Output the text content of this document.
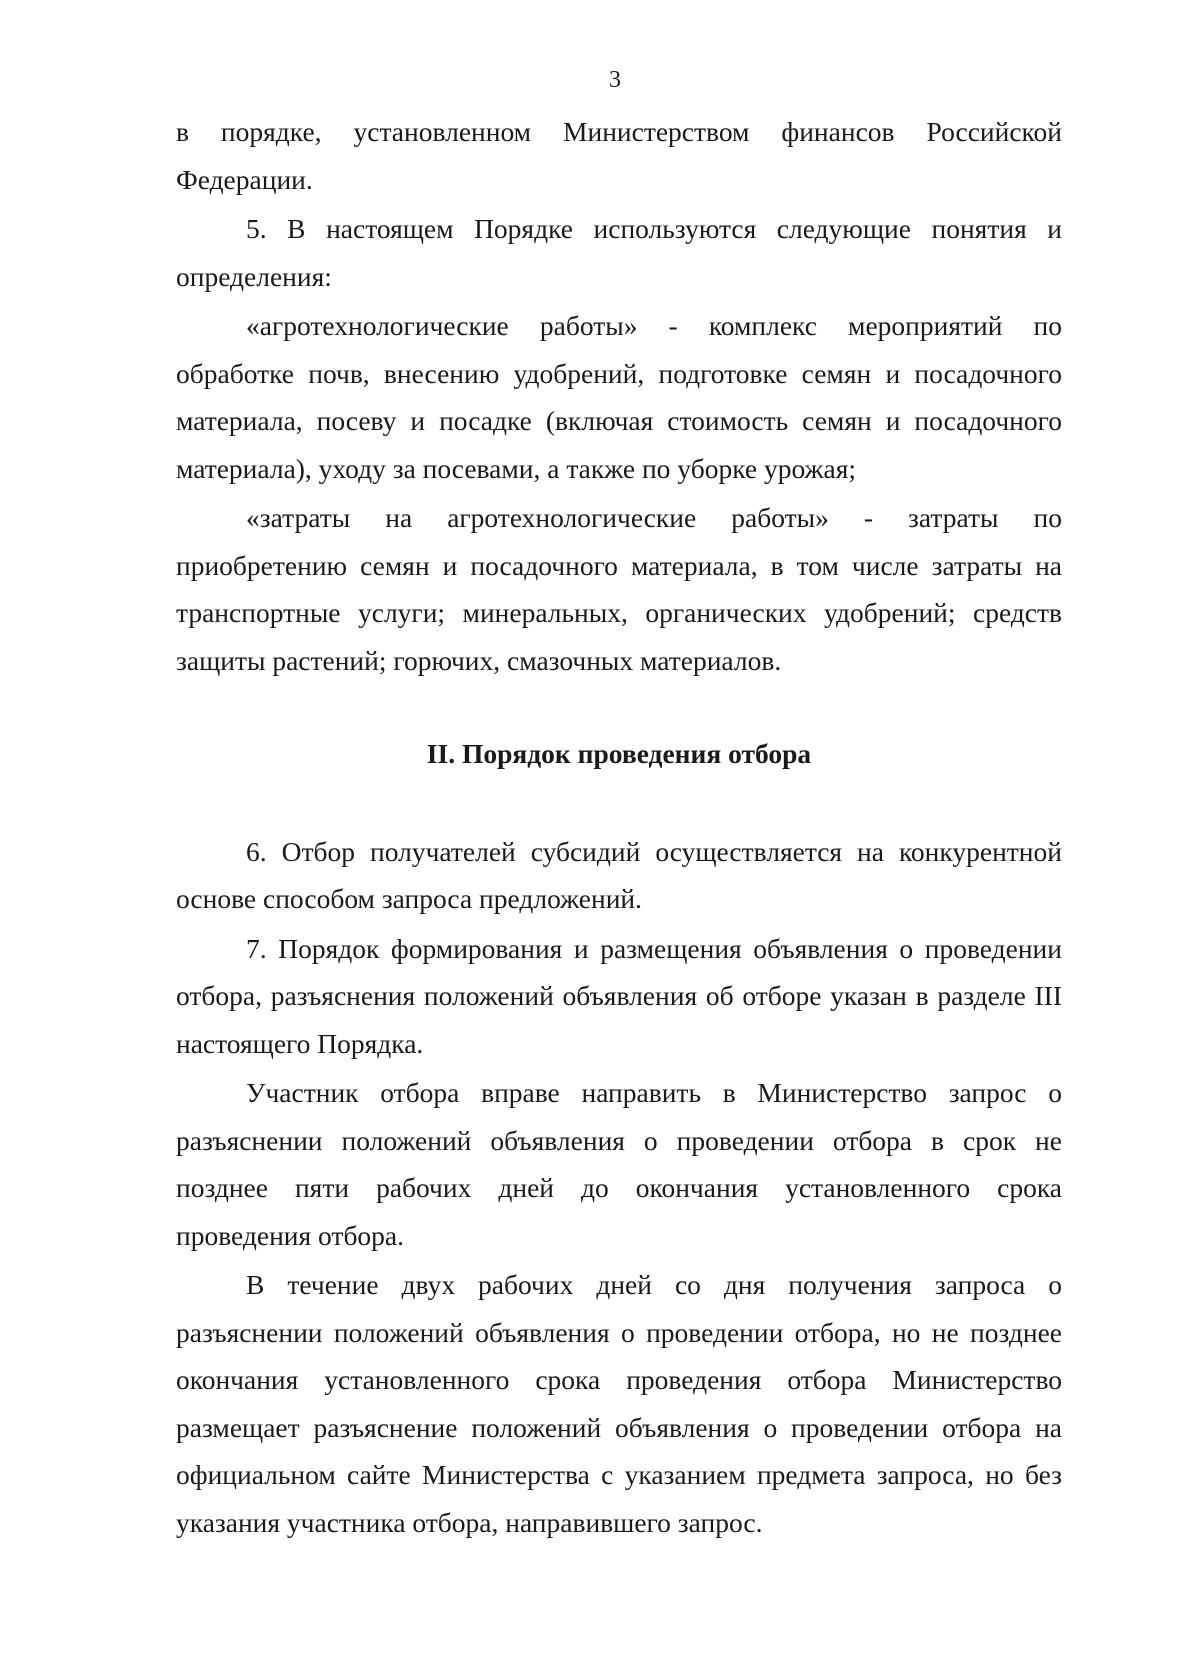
3

в порядке, установленном Министерством финансов Российской Федерации.

5. В настоящем Порядке используются следующие понятия и определения:

«агротехнологические работы» - комплекс мероприятий по обработке почв, внесению удобрений, подготовке семян и посадочного материала, посеву и посадке (включая стоимость семян и посадочного материала), уходу за посевами, а также по уборке урожая;

«затраты на агротехнологические работы» - затраты по приобретению семян и посадочного материала, в том числе затраты на транспортные услуги; минеральных, органических удобрений; средств защиты растений; горючих, смазочных материалов.

II. Порядок проведения отбора

6. Отбор получателей субсидий осуществляется на конкурентной основе способом запроса предложений.

7. Порядок формирования и размещения объявления о проведении отбора, разъяснения положений объявления об отборе указан в разделе III настоящего Порядка.

Участник отбора вправе направить в Министерство запрос о разъяснении положений объявления о проведении отбора в срок не позднее пяти рабочих дней до окончания установленного срока проведения отбора.

В течение двух рабочих дней со дня получения запроса о разъяснении положений объявления о проведении отбора, но не позднее окончания установленного срока проведения отбора Министерство размещает разъяснение положений объявления о проведении отбора на официальном сайте Министерства с указанием предмета запроса, но без указания участника отбора, направившего запрос.
